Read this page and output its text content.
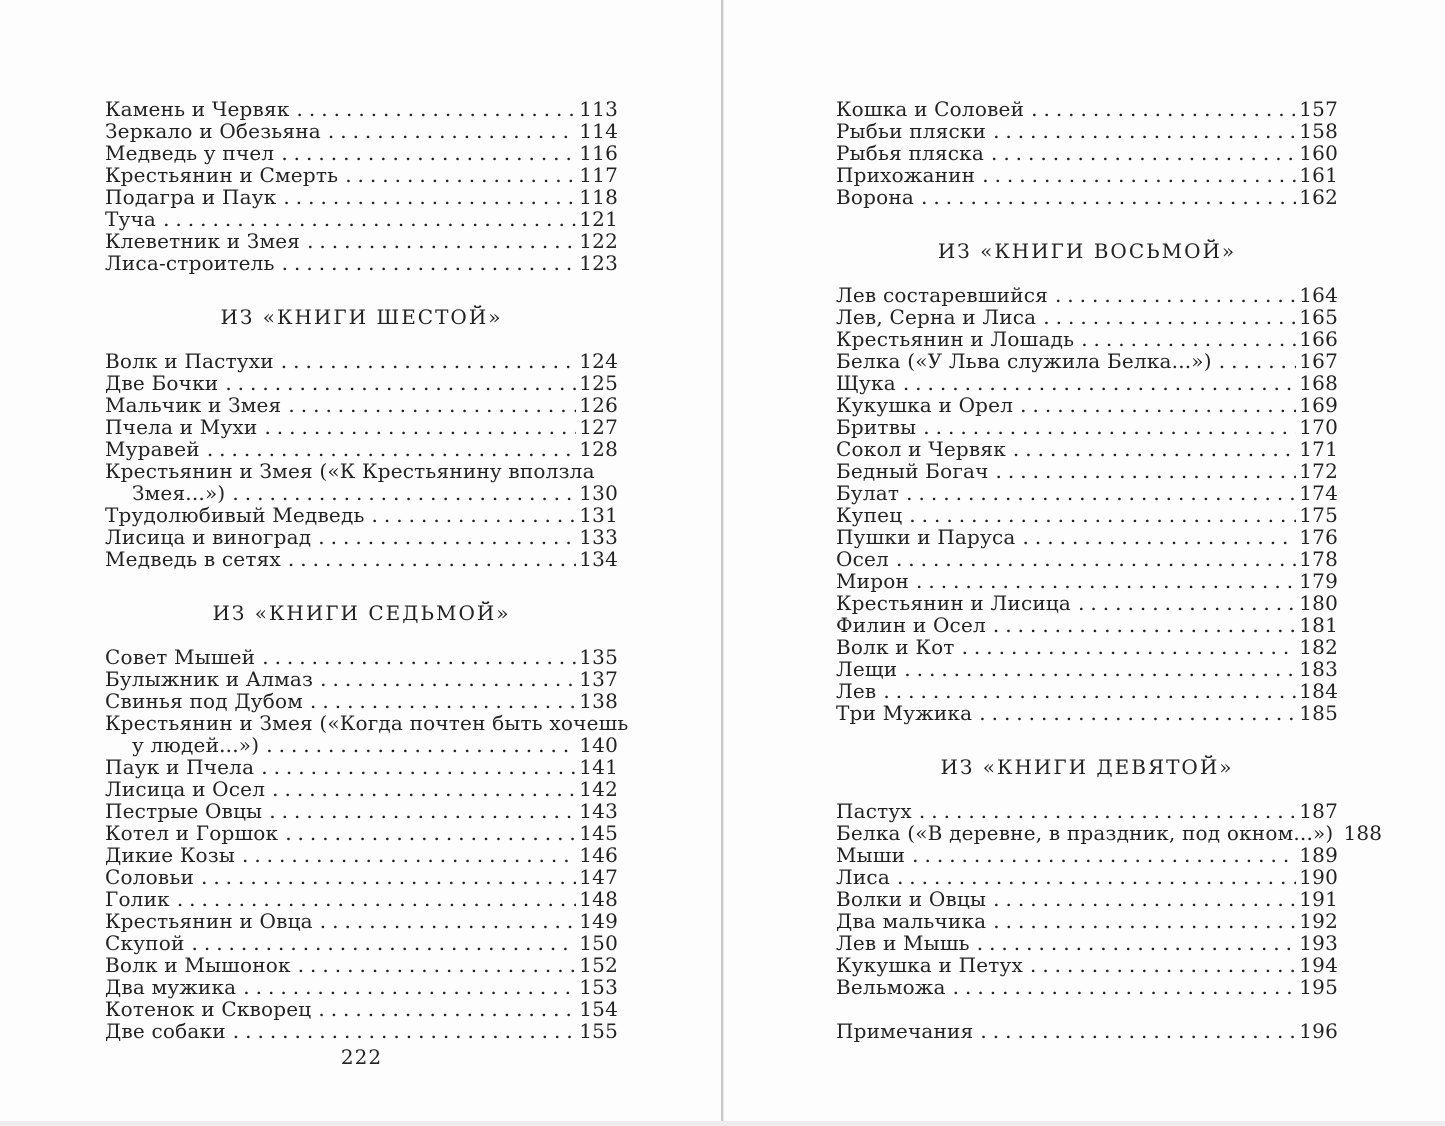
Камень и Червяк .....	113
Зеркало и Обезьяна .....	114
Медведь у пчел .....	116
Крестьянин и Смерть .....	117
Подагра и Паук .....	118
Туча .....	121
Клеветник и Змея .....	122
Лиса-строитель .....	123
ИЗ «КНИГИ ШЕСТОЙ»
Волк и Пастухи .....	124
Две Бочки .....	125
Мальчик и Змея .....	126
Пчела и Мухи .....	127
Муравей .....	128
Крестьянин и Змея («К Крестьянину вползла
Змея...») .....	130
Трудолюбивый Медведь .....	131
Лисица и виноград .....	133
Медведь в сетях .....	134
ИЗ «КНИГИ СЕДЬМОЙ»
Совет Мышей .....	135
Булыжник и Алмаз .....	137
Свинья под Дубом .....	138
Крестьянин и Змея («Когда почтен быть хочешь
у людей...») .....	140
Паук и Пчела .....	141
Лисица и Осел .....	142
Пестрые Овцы .....	143
Котел и Горшок .....	145
Дикие Козы .....	146
Соловьи .....	147
Голик .....	148
Крестьянин и Овца .....	149
Скупой .....	150
Волк и Мышонок .....	152
Два мужика .....	153
Котенок и Скворец .....	154
Две собаки .....	155
222
Кошка и Соловей .....	157
Рыбьи пляски .....	158
Рыбья пляска .....	160
Прихожанин .....	161
Ворона .....	162
ИЗ «КНИГИ ВОСЬМОЙ»
Лев состаревшийся .....	164
Лев, Серна и Лиса .....	165
Крестьянин и Лошадь .....	166
Белка («У Льва служила Белка...») .....	167
Щука .....	168
Кукушка и Орел .....	169
Бритвы .....	170
Сокол и Червяк .....	171
Бедный Богач .....	172
Булат .....	174
Купец .....	175
Пушки и Паруса .....	176
Осел .....	178
Мирон .....	179
Крестьянин и Лисица .....	180
Филин и Осел .....	181
Волк и Кот .....	182
Лещи .....	183
Лев .....	184
Три Мужика .....	185
ИЗ «КНИГИ ДЕВЯТОЙ»
Пастух .....	187
Белка («В деревне, в праздник, под окном...») 188
Мыши .....	189
Лиса .....	190
Волки и Овцы .....	191
Два мальчика .....	192
Лев и Мышь .....	193
Кукушка и Петух .....	194
Вельможа .....	195
Примечания .....	196
